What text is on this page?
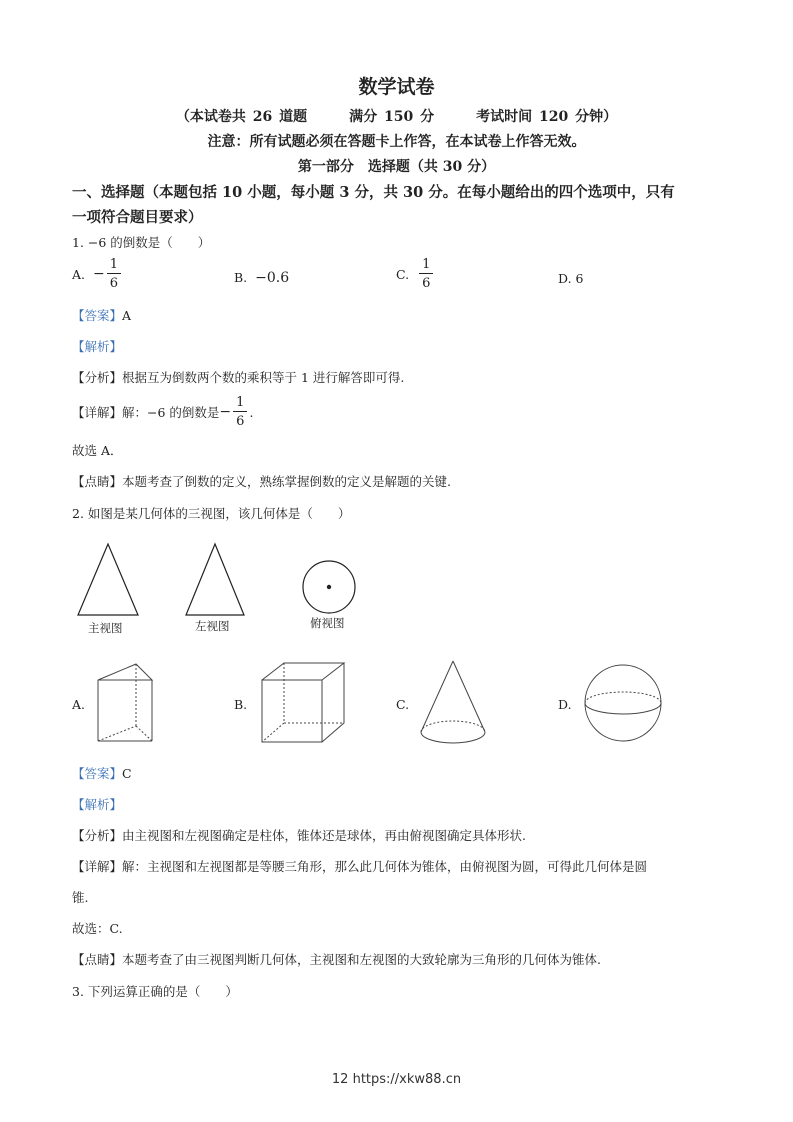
数学试卷
（本试卷共 26 道题　　　满分 150 分　　　考试时间 120 分钟）
注意：所有试题必须在答题卡上作答，在本试卷上作答无效。
第一部分　选择题（共 30 分）
一、选择题（本题包括 10 小题，每小题 3 分，共 30 分。在每小题给出的四个选项中，只有
一项符合题目要求）
1. −6 的倒数是（　　）
A. − $\frac{1}{6}$	B. −0.6	C. $\frac{1}{6}$	D. 6
【答案】A
【解析】
【分析】根据互为倒数两个数的乘积等于 1 进行解答即可得.
【详解】解：−6 的倒数是− $\frac{1}{6}$ .
故选 A．
【点睛】本题考查了倒数的定义，熟练掌握倒数的定义是解题的关键.
2. 如图是某几何体的三视图，该几何体是（　　）
主视图	左视图	俯视图
A.	B.	C.	D.
【答案】C
【解析】
【分析】由主视图和左视图确定是柱体，锥体还是球体，再由俯视图确定具体形状.
【详解】解：主视图和左视图都是等腰三角形，那么此几何体为锥体，由俯视图为圆，可得此几何体是圆
锥.
故选：C.
【点睛】本题考查了由三视图判断几何体，主视图和左视图的大致轮廓为三角形的几何体为锥体.
3. 下列运算正确的是（　　）
12 https://xkw88.cn
